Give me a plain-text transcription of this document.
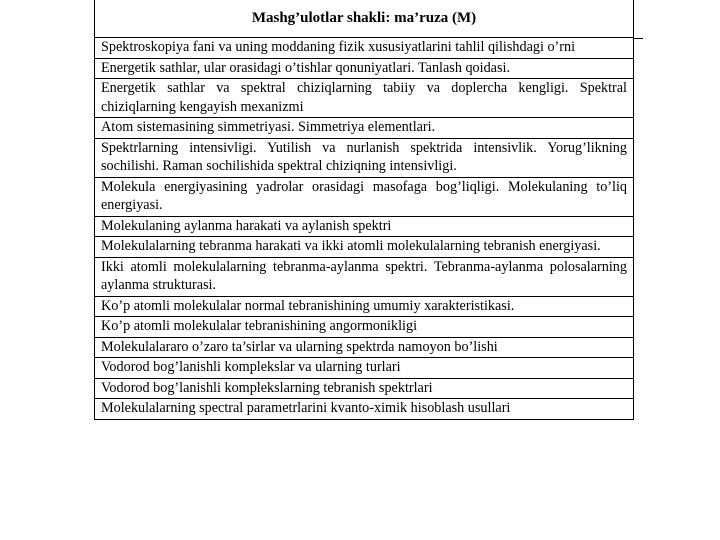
Mashg’ulotlar shakli: ma’ruza (M)
Spektroskopiya fani va uning moddaning fizik xususiyatlarini tahlil qilishdagi o’rni
Energetik sathlar, ular orasidagi o’tishlar qonuniyatlari. Tanlash qoidasi.
Energetik sathlar va spektral chiziqlarning tabiiy va doplercha kengligi. Spektral chiziqlarning kengayish mexanizmi
Atom sistemasining simmetriyasi. Simmetriya elementlari.
Spektrlarning intensivligi. Yutilish va nurlanish spektrida intensivlik. Yorug’likning sochilishi. Raman sochilishida spektral chiziqning intensivligi.
Molekula energiyasining yadrolar orasidagi masofaga bog’liqligi. Molekulaning to’liq energiyasi.
Molekulaning aylanma harakati va aylanish spektri
Molekulalarning tebranma harakati va ikki atomli molekulalarning tebranish energiyasi.
Ikki atomli molekulalarning tebranma-aylanma spektri. Tebranma-aylanma polosalarning aylanma strukturasi.
Ko’p atomli molekulalar normal tebranishining umumiy xarakteristikasi.
Ko’p atomli molekulalar tebranishining angormonikligi
Molekulalararo o’zaro ta’sirlar va ularning spektrda namoyon bo’lishi
Vodorod bog’lanishli komplekslar va ularning turlari
Vodorod bog’lanishli komplekslarning tebranish spektrlari
Molekulalarning spectral parametrlarini kvanto-ximik hisoblash usullari
